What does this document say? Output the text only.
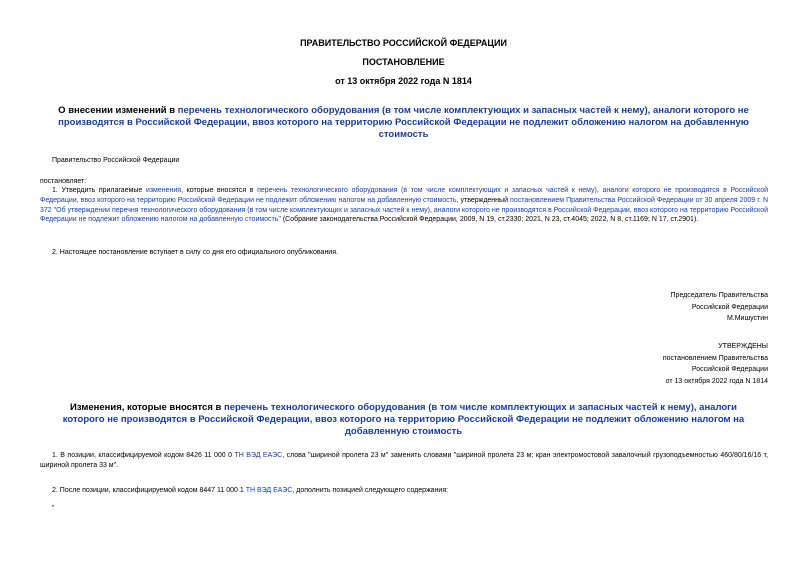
ПРАВИТЕЛЬСТВО РОССИЙСКОЙ ФЕДЕРАЦИИ
ПОСТАНОВЛЕНИЕ
от 13 октября 2022 года N 1814
О внесении изменений в перечень технологического оборудования (в том числе комплектующих и запасных частей к нему), аналоги которого не производятся в Российской Федерации, ввоз которого на территорию Российской Федерации не подлежит обложению налогом на добавленную стоимость
Правительство Российской Федерации
постановляет:
1. Утвердить прилагаемые изменения, которые вносятся в перечень технологического оборудования (в том числе комплектующих и запасных частей к нему), аналоги которого не производятся в Российской Федерации, ввоз которого на территорию Российской Федерации не подлежит обложению налогом на добавленную стоимость, утвержденный постановлением Правительства Российской Федерации от 30 апреля 2009 г. N 372 "Об утверждении перечня технологического оборудования (в том числе комплектующих и запасных частей к нему), аналоги которого не производятся в Российской Федерации, ввоз которого на территорию Российской Федерации не подлежит обложению налогом на добавленную стоимость" (Собрание законодательства Российской Федерации, 2009, N 19, ст.2330; 2021, N 23, ст.4045; 2022, N 8, ст.1169; N 17, ст.2901).
2. Настоящее постановление вступает в силу со дня его официального опубликования.
Председатель Правительства
Российской Федерации
М.Мишустин
УТВЕРЖДЕНЫ
постановлением Правительства
Российской Федерации
от 13 октября 2022 года N 1814
Изменения, которые вносятся в перечень технологического оборудования (в том числе комплектующих и запасных частей к нему), аналоги которого не производятся в Российской Федерации, ввоз которого на территорию Российской Федерации не подлежит обложению налогом на добавленную стоимость
1. В позиции, классифицируемой кодом 8426 11 000 0 ТН ВЭД ЕАЭС, слова "шириной пролета 23 м" заменить словами "шириной пролета 23 м; кран электромостовой завалочный грузоподъемностью 460/80/16/16 т, шириной пролета 33 м".
2. После позиции, классифицируемой кодом 8447 11 000 1 ТН ВЭД ЕАЭС, дополнить позицией следующего содержания:
"
